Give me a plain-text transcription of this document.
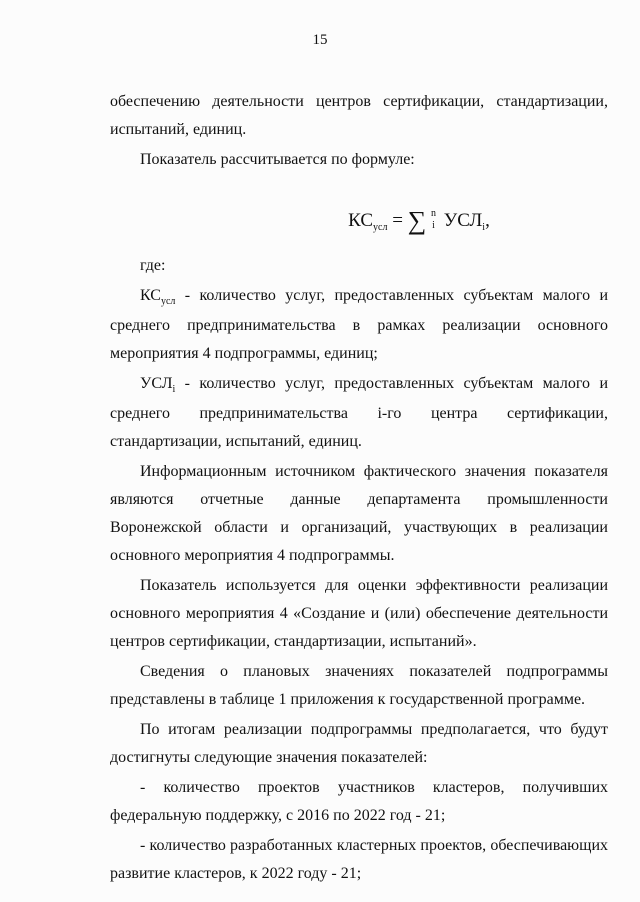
15

обеспечению деятельности центров сертификации, стандартизации, испытаний, единиц.

Показатель рассчитывается по формуле:

$КС_{усл}$ = ∑ n
i $УСЛ_i$,

где:

$КС_{усл}$ - количество услуг, предоставленных субъектам малого и среднего предпринимательства в рамках реализации основного мероприятия 4 подпрограммы, единиц;

$УСЛ_i$ - количество услуг, предоставленных субъектам малого и среднего предпринимательства i-го центра сертификации, стандартизации, испытаний, единиц.

Информационным источником фактического значения показателя являются отчетные данные департамента промышленности Воронежской области и организаций, участвующих в реализации основного мероприятия 4 подпрограммы.

Показатель используется для оценки эффективности реализации основного мероприятия 4 «Создание и (или) обеспечение деятельности центров сертификации, стандартизации, испытаний».

Сведения о плановых значениях показателей подпрограммы представлены в таблице 1 приложения к государственной программе.

По итогам реализации подпрограммы предполагается, что будут достигнуты следующие значения показателей:

- количество проектов участников кластеров, получивших федеральную поддержку, с 2016 по 2022 год - 21;

- количество разработанных кластерных проектов, обеспечивающих развитие кластеров, к 2022 году - 21;
